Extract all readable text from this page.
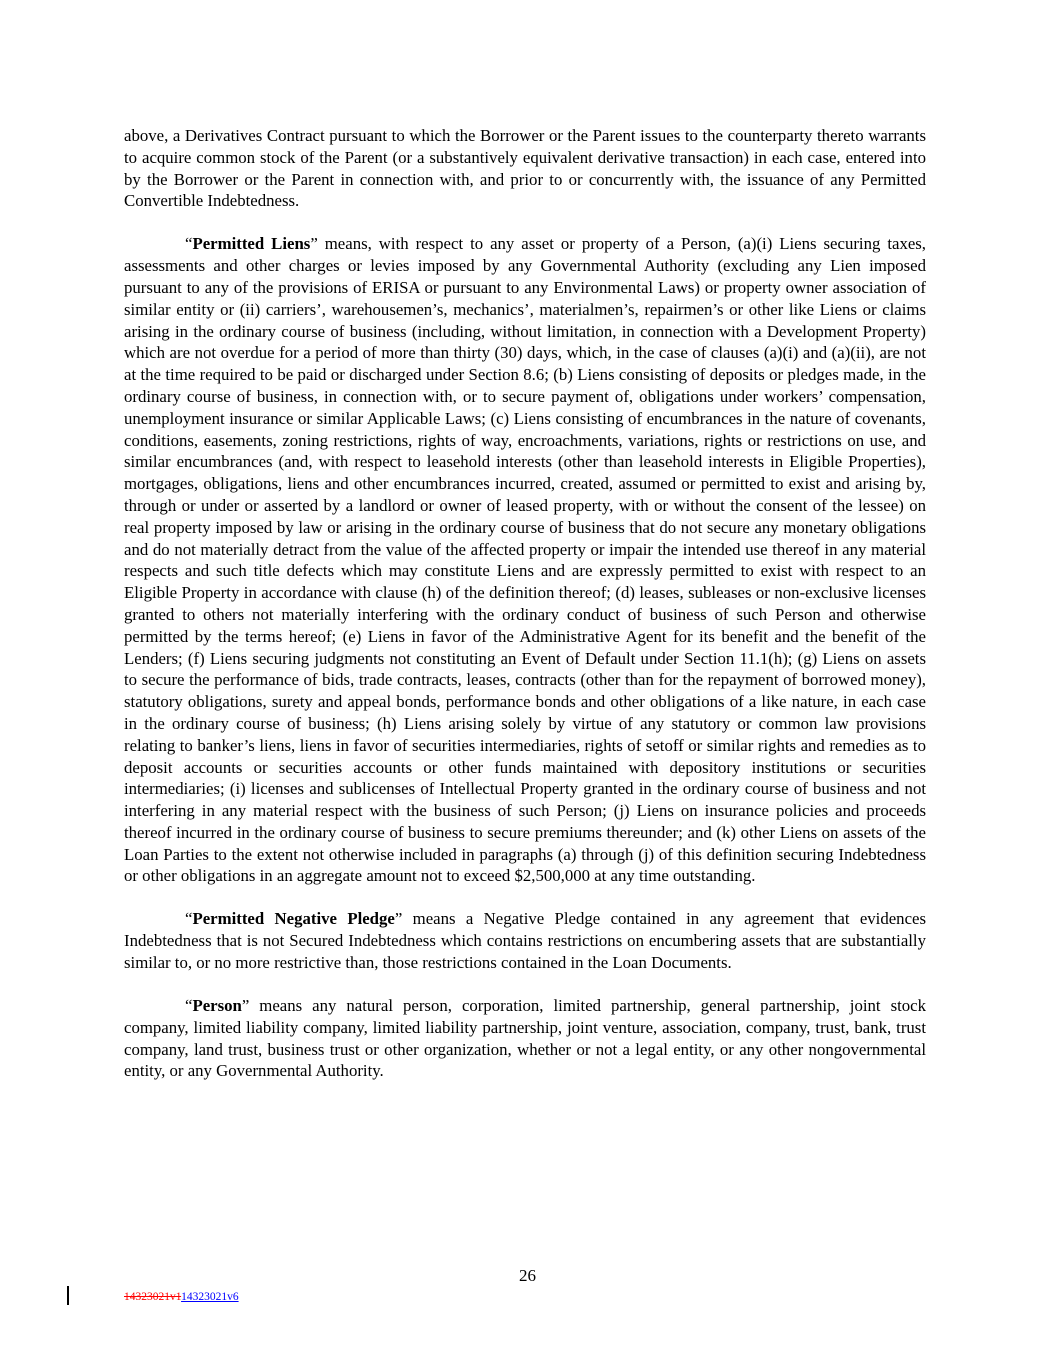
above, a Derivatives Contract pursuant to which the Borrower or the Parent issues to the counterparty thereto warrants to acquire common stock of the Parent (or a substantively equivalent derivative transaction) in each case, entered into by the Borrower or the Parent in connection with, and prior to or concurrently with, the issuance of any Permitted Convertible Indebtedness.

“Permitted Liens” means, with respect to any asset or property of a Person, (a)(i) Liens securing taxes, assessments and other charges or levies imposed by any Governmental Authority (excluding any Lien imposed pursuant to any of the provisions of ERISA or pursuant to any Environmental Laws) or property owner association of similar entity or (ii) carriers’, warehousemen’s, mechanics’, materialmen’s, repairmen’s or other like Liens or claims arising in the ordinary course of business (including, without limitation, in connection with a Development Property) which are not overdue for a period of more than thirty (30) days, which, in the case of clauses (a)(i) and (a)(ii), are not at the time required to be paid or discharged under Section 8.6; (b) Liens consisting of deposits or pledges made, in the ordinary course of business, in connection with, or to secure payment of, obligations under workers’ compensation, unemployment insurance or similar Applicable Laws; (c) Liens consisting of encumbrances in the nature of covenants, conditions, easements, zoning restrictions, rights of way, encroachments, variations, rights or restrictions on use, and similar encumbrances (and, with respect to leasehold interests (other than leasehold interests in Eligible Properties), mortgages, obligations, liens and other encumbrances incurred, created, assumed or permitted to exist and arising by, through or under or asserted by a landlord or owner of leased property, with or without the consent of the lessee) on real property imposed by law or arising in the ordinary course of business that do not secure any monetary obligations and do not materially detract from the value of the affected property or impair the intended use thereof in any material respects and such title defects which may constitute Liens and are expressly permitted to exist with respect to an Eligible Property in accordance with clause (h) of the definition thereof; (d) leases, subleases or non-exclusive licenses granted to others not materially interfering with the ordinary conduct of business of such Person and otherwise permitted by the terms hereof; (e) Liens in favor of the Administrative Agent for its benefit and the benefit of the Lenders; (f) Liens securing judgments not constituting an Event of Default under Section 11.1(h); (g) Liens on assets to secure the performance of bids, trade contracts, leases, contracts (other than for the repayment of borrowed money), statutory obligations, surety and appeal bonds, performance bonds and other obligations of a like nature, in each case in the ordinary course of business; (h) Liens arising solely by virtue of any statutory or common law provisions relating to banker’s liens, liens in favor of securities intermediaries, rights of setoff or similar rights and remedies as to deposit accounts or securities accounts or other funds maintained with depository institutions or securities intermediaries; (i) licenses and sublicenses of Intellectual Property granted in the ordinary course of business and not interfering in any material respect with the business of such Person; (j) Liens on insurance policies and proceeds thereof incurred in the ordinary course of business to secure premiums thereunder; and (k) other Liens on assets of the Loan Parties to the extent not otherwise included in paragraphs (a) through (j) of this definition securing Indebtedness or other obligations in an aggregate amount not to exceed $2,500,000 at any time outstanding.

“Permitted Negative Pledge” means a Negative Pledge contained in any agreement that evidences Indebtedness that is not Secured Indebtedness which contains restrictions on encumbering assets that are substantially similar to, or no more restrictive than, those restrictions contained in the Loan Documents.

“Person” means any natural person, corporation, limited partnership, general partnership, joint stock company, limited liability company, limited liability partnership, joint venture, association, company, trust, bank, trust company, land trust, business trust or other organization, whether or not a legal entity, or any other nongovernmental entity, or any Governmental Authority.

26
14323021v114323021v6
